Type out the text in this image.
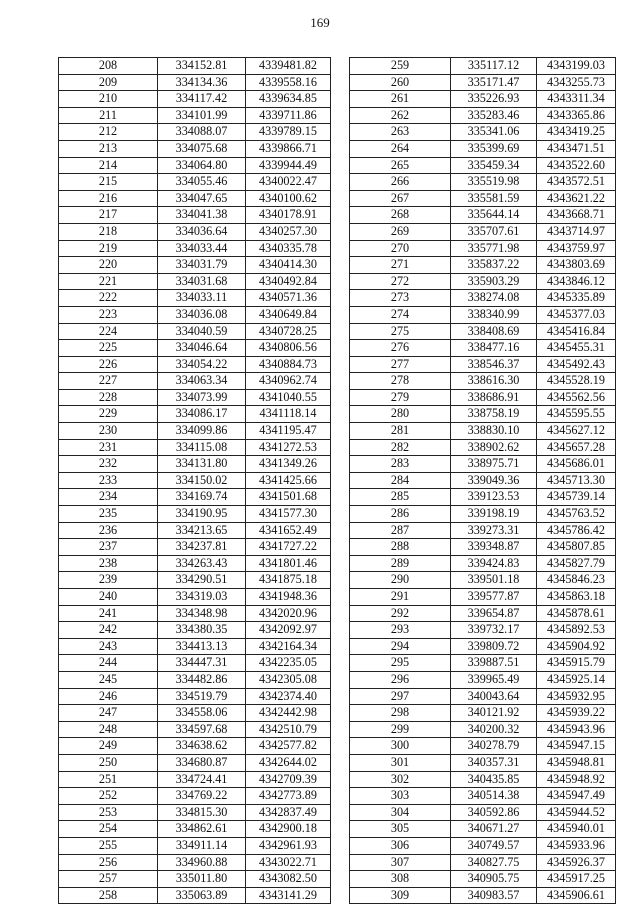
169
208	334152.81	4339481.82
209	334134.36	4339558.16
210	334117.42	4339634.85
211	334101.99	4339711.86
212	334088.07	4339789.15
213	334075.68	4339866.71
214	334064.80	4339944.49
215	334055.46	4340022.47
216	334047.65	4340100.62
217	334041.38	4340178.91
218	334036.64	4340257.30
219	334033.44	4340335.78
220	334031.79	4340414.30
221	334031.68	4340492.84
222	334033.11	4340571.36
223	334036.08	4340649.84
224	334040.59	4340728.25
225	334046.64	4340806.56
226	334054.22	4340884.73
227	334063.34	4340962.74
228	334073.99	4341040.55
229	334086.17	4341118.14
230	334099.86	4341195.47
231	334115.08	4341272.53
232	334131.80	4341349.26
233	334150.02	4341425.66
234	334169.74	4341501.68
235	334190.95	4341577.30
236	334213.65	4341652.49
237	334237.81	4341727.22
238	334263.43	4341801.46
239	334290.51	4341875.18
240	334319.03	4341948.36
241	334348.98	4342020.96
242	334380.35	4342092.97
243	334413.13	4342164.34
244	334447.31	4342235.05
245	334482.86	4342305.08
246	334519.79	4342374.40
247	334558.06	4342442.98
248	334597.68	4342510.79
249	334638.62	4342577.82
250	334680.87	4342644.02
251	334724.41	4342709.39
252	334769.22	4342773.89
253	334815.30	4342837.49
254	334862.61	4342900.18
255	334911.14	4342961.93
256	334960.88	4343022.71
257	335011.80	4343082.50
258	335063.89	4343141.29
259	335117.12	4343199.03
260	335171.47	4343255.73
261	335226.93	4343311.34
262	335283.46	4343365.86
263	335341.06	4343419.25
264	335399.69	4343471.51
265	335459.34	4343522.60
266	335519.98	4343572.51
267	335581.59	4343621.22
268	335644.14	4343668.71
269	335707.61	4343714.97
270	335771.98	4343759.97
271	335837.22	4343803.69
272	335903.29	4343846.12
273	338274.08	4345335.89
274	338340.99	4345377.03
275	338408.69	4345416.84
276	338477.16	4345455.31
277	338546.37	4345492.43
278	338616.30	4345528.19
279	338686.91	4345562.56
280	338758.19	4345595.55
281	338830.10	4345627.12
282	338902.62	4345657.28
283	338975.71	4345686.01
284	339049.36	4345713.30
285	339123.53	4345739.14
286	339198.19	4345763.52
287	339273.31	4345786.42
288	339348.87	4345807.85
289	339424.83	4345827.79
290	339501.18	4345846.23
291	339577.87	4345863.18
292	339654.87	4345878.61
293	339732.17	4345892.53
294	339809.72	4345904.92
295	339887.51	4345915.79
296	339965.49	4345925.14
297	340043.64	4345932.95
298	340121.92	4345939.22
299	340200.32	4345943.96
300	340278.79	4345947.15
301	340357.31	4345948.81
302	340435.85	4345948.92
303	340514.38	4345947.49
304	340592.86	4345944.52
305	340671.27	4345940.01
306	340749.57	4345933.96
307	340827.75	4345926.37
308	340905.75	4345917.25
309	340983.57	4345906.61
